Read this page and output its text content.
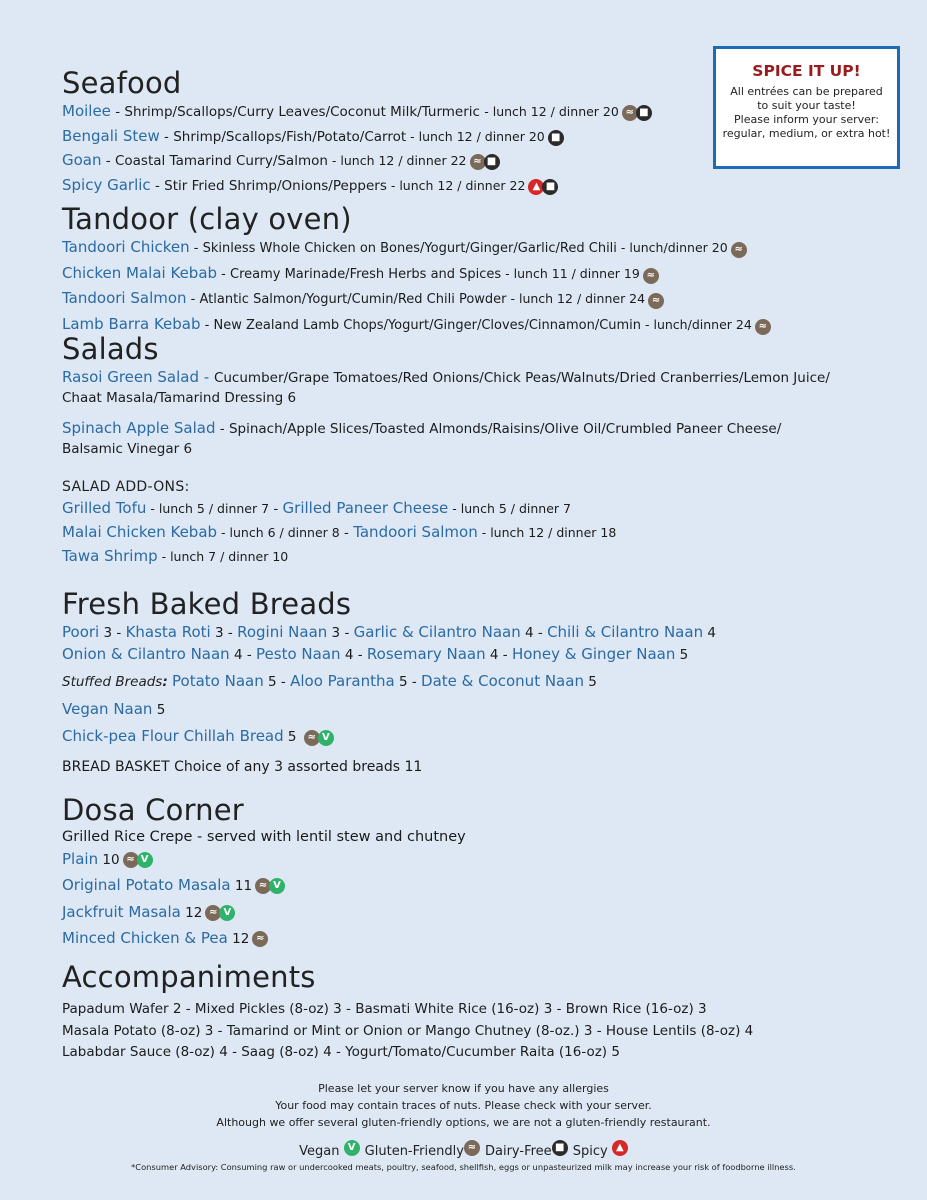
SPICE IT UP!
All entrées can be prepared
to suit your taste!
Please inform your server:
regular, medium, or extra hot!
Seafood
Moilee - Shrimp/Scallops/Curry Leaves/Coconut Milk/Turmeric - lunch 12 / dinner 20 ≈ ■
Bengali Stew - Shrimp/Scallops/Fish/Potato/Carrot - lunch 12 / dinner 20 ■
Goan - Coastal Tamarind Curry/Salmon - lunch 12 / dinner 22 ≈ ■
Spicy Garlic - Stir Fried Shrimp/Onions/Peppers - lunch 12 / dinner 22 ▲ ■
Tandoor (clay oven)
Tandoori Chicken - Skinless Whole Chicken on Bones/Yogurt/Ginger/Garlic/Red Chili - lunch/dinner 20 ≈
Chicken Malai Kebab - Creamy Marinade/Fresh Herbs and Spices - lunch 11 / dinner 19 ≈
Tandoori Salmon - Atlantic Salmon/Yogurt/Cumin/Red Chili Powder - lunch 12 / dinner 24 ≈
Lamb Barra Kebab - New Zealand Lamb Chops/Yogurt/Ginger/Cloves/Cinnamon/Cumin - lunch/dinner 24 ≈
Salads
Rasoi Green Salad - Cucumber/Grape Tomatoes/Red Onions/Chick Peas/Walnuts/Dried Cranberries/Lemon Juice/
Chaat Masala/Tamarind Dressing 6
Spinach Apple Salad - Spinach/Apple Slices/Toasted Almonds/Raisins/Olive Oil/Crumbled Paneer Cheese/
Balsamic Vinegar 6
SALAD ADD-ONS:
Grilled Tofu - lunch 5 / dinner 7 - Grilled Paneer Cheese - lunch 5 / dinner 7
Malai Chicken Kebab - lunch 6 / dinner 8 - Tandoori Salmon - lunch 12 / dinner 18
Tawa Shrimp - lunch 7 / dinner 10
Fresh Baked Breads
Poori 3 - Khasta Roti 3 - Rogini Naan 3 - Garlic & Cilantro Naan 4 - Chili & Cilantro Naan 4
Onion & Cilantro Naan 4 - Pesto Naan 4 - Rosemary Naan 4 - Honey & Ginger Naan 5
Stuffed Breads: Potato Naan 5 - Aloo Parantha 5 - Date & Coconut Naan 5
Vegan Naan 5
Chick-pea Flour Chillah Bread 5 ≈ V
BREAD BASKET Choice of any 3 assorted breads 11
Dosa Corner
Grilled Rice Crepe - served with lentil stew and chutney
Plain 10 ≈ V
Original Potato Masala 11 ≈ V
Jackfruit Masala 12 ≈ V
Minced Chicken & Pea 12 ≈
Accompaniments
Papadum Wafer 2 - Mixed Pickles (8-oz) 3 - Basmati White Rice (16-oz) 3 - Brown Rice (16-oz) 3
Masala Potato (8-oz) 3 - Tamarind or Mint or Onion or Mango Chutney (8-oz.) 3 - House Lentils (8-oz) 4
Lababdar Sauce (8-oz) 4 - Saag (8-oz) 4 - Yogurt/Tomato/Cucumber Raita (16-oz) 5
Please let your server know if you have any allergies
Your food may contain traces of nuts. Please check with your server.
Although we offer several gluten-friendly options, we are not a gluten-friendly restaurant.
Vegan V Gluten-Friendly ≈ Dairy-Free ■ Spicy ▲
*Consumer Advisory: Consuming raw or undercooked meats, poultry, seafood, shellfish, eggs or unpasteurized milk may increase your risk of foodborne illness.
